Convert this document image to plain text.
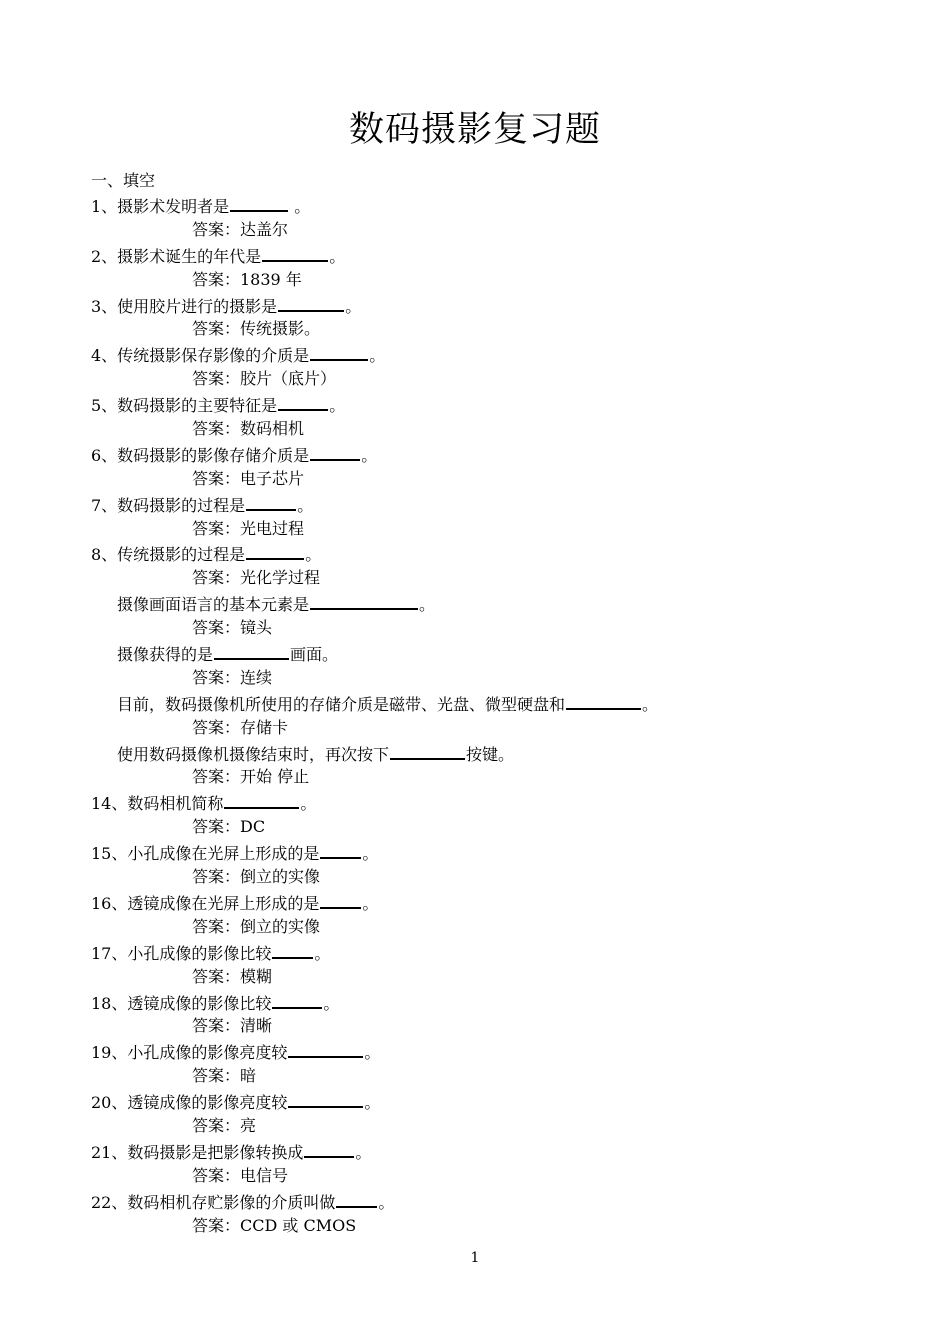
数码摄影复习题
一、填空
1、摄影术发明者是	。
答案：达盖尔
2、摄影术诞生的年代是	。
答案：1839 年
3、使用胶片进行的摄影是	。
答案：传统摄影。
4、传统摄影保存影像的介质是	。
答案：胶片（底片）
5、数码摄影的主要特征是	。
答案：数码相机
6、数码摄影的影像存储介质是	。
答案：电子芯片
7、数码摄影的过程是	。
答案：光电过程
8、传统摄影的过程是	。
答案：光化学过程
摄像画面语言的基本元素是	。
答案：镜头
摄像获得的是	画面。
答案：连续
目前，数码摄像机所使用的存储介质是磁带、光盘、微型硬盘和	。
答案：存储卡
使用数码摄像机摄像结束时，再次按下	按键。
答案：开始 停止
14、数码相机简称	。
答案：DC
15、小孔成像在光屏上形成的是	。
答案：倒立的实像
16、透镜成像在光屏上形成的是	。
答案：倒立的实像
17、小孔成像的影像比较	。
答案：模糊
18、透镜成像的影像比较	。
答案：清晰
19、小孔成像的影像亮度较	。
答案：暗
20、透镜成像的影像亮度较	。
答案：亮
21、数码摄影是把影像转换成	。
答案：电信号
22、数码相机存贮影像的介质叫做	。
答案：CCD 或 CMOS
1
